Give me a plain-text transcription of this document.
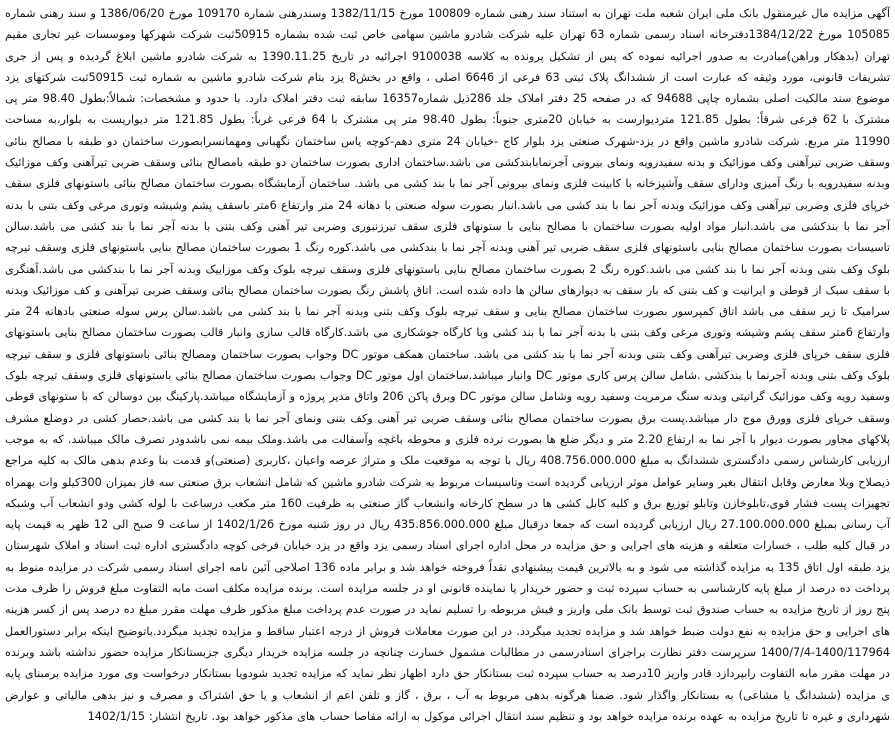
آگهی مزایده مال غیرمنقول بانک ملی ایران شعبه ملت تهران به استناد سند رهنی شماره 100809 مورخ 1382/11/15 وسندرهنی شماره 109170 مورخ 1386/06/20 و سند رهنی شماره 105085 مورخ 1384/12/22دفترخانه اسناد رسمی شماره 63 تهران علیه شرکت شادرو ماشین سهامی خاص ثبت شده بشماره 50915ثبت شرکت شهرکها وموسسات غیر تجاری مقیم تهران (بدهکار وراهن)مبادرت به صدور اجرائیه نموده که پس از تشکیل پرونده به کلاسه 9100038 اجرائیه در تاریخ 1390.11.25 به شرکت شادرو ماشین ابلاغ گردیده و پس از جری تشریفات قانونی، مورد وثیقه که عبارت است از ششدانگ پلاک ثبتی 63 فرعی از 6646 اصلی ، واقع در بخش8 یزد بنام شرکت شادرو ماشین به شماره ثبت 50915ثبت شرکتهای یزد موضوع سند مالکیت اصلی بشماره چاپی 94688 که در صفحه 25 دفتر املاک جلد 286ذیل شماره16357 سابقه ثبت دفتر املاک دارد. با حدود و مشخصات: شمالاً:بطول 98.40 متر پی مشترک با 62 فرعی شرقاً: بطول 121.85 متردیوارست به خیابان 20متری جنوباً: بطول 98.40 متر پی مشترک با 64 فرعی غرباً: بطول 121.85 متر دیواریست به بلوار،به مساحت 11990 متر مربع. شرکت شادرو ماشین واقع در یزد-شهرک صنعتی یزد بلوار کاج -خیابان 24 متری دهم-کوچه یاس ساختمان نگهبانی ومهمانسرابصورت ساختمان دو طبقه با مصالح بنائی وسقف ضربی تیرآهنی وکف موزائیک و بدنه سفیدرویه ونمای بیرونی آجرنمابابندکشی می باشد.ساختمان اداری بصورت ساختمان دو طبقه بامصالح بنائی وسقف ضربی تیرآهنی وکف موزائیک وبدنه سفیدرویه با رنگ آمیزی ودارای سقف وآشپزخانه با کابینت فلزی ونمای بیرونی آجر نما با بند کشی می باشد. ساختمان آزمایشگاه بصورت ساختمان مصالح بنائی باستونهای فلزی سقف خرپای فلزی وضربی تیرآهنی وکف موزائیک وبدنه آجر نما با بند کشی می باشد.انبار بصورت سوله صنعتی با دهانه 24 متر وارتفاع 6متر باسقف پشم وشیشه وتوری مرغی وکف بتنی با بدنه آجر نما با بندکشی می باشد.انبار مواد اولیه بصورت ساختمان با مصالح بنایی با ستونهای فلزی سقف تیرزنبوری وضربی تیر آهنی وکف بتنی با بدنه آجر نما با بند کشی می باشد.سالن تاسیسات بصورت ساختمان مصالح بنایی باستونهای فلزی سقف ضربی تیر آهنی وبدنه آجر نما با بندکشی می باشد.کوره رنگ 1 بصورت ساختمان مصالح بنایی باستونهای فلزی وسقف تیرچه بلوک وکف بتنی وبدنه آجر نما با بند کشی می باشد.کوره رنگ 2 بصورت ساختمان مصالح بنایی باستونهای فلزی وسقف تیرچه بلوک وکف موزاییک وبدنه آجر نما با بندکشی می باشد.آهنگری با سقف سبک از قوطی و ایرانیت و کف بتنی که بار سقف به دیوارهای سالن ها داده شده است. اتاق پاشش رنگ بصورت ساختمان مصالح بنائی وسقف ضربی تیرآهنی و کف موزائیک وبدنه سرامیک تا زیر سقف می باشد اتاق کمپرسور بصورت ساختمان مصالح بنایی و سقف تیرچه بلوک وکف بتنی وبدنه آجر نما با بند کشی می باشد.سالن پرس سوله صنعتی بادهانه 24 متر وارتفاع 6متر سقف پشم وشیشه وتوری مرغی وکف بتنی با بدنه آجر نما با بند کشی وبا کارگاه جوشکاری می باشد.کارگاه قالب سازی وانبار قالب بصورت ساختمان مصالح بنایی باستونهای فلزی سقف خرپای فلزی وضربی تیرآهنی وکف بتنی وبدنه آجر نما با بند کشی می باشد. ساختمان همکف موتور DC وجواب بصورت ساختمان ومصالح بنائی باستونهای فلزی و سقف تیرچه بلوک وکف بتنی وبدنه آجرنما با بندکشی .شامل سالن پرس کاری موتور DC وانبار میباشد.ساختمان اول موتور DC وجواب بصورت ساختمان مصالح بنائی باستونهای فلزی وسقف تیرچه بلوک وسفید رویه وکف موزائیک گرانیتی وبدنه سنگ مرمریت وسفید رویه وشامل سالن موتور DC وبرق پاکن 206 واتاق مدیر پروژه و آزمایشگاه میباشد.پارکینگ بین دوسالن که با ستونهای قوطی وسقف خرپای فلزی وورق موج دار میباشد.پست برق بصورت ساختمان مصالح بنائی وسقف ضربی تیر آهنی وکف بتنی ونمای آجر نما با بند کشی می باشد.حصار کشی در دوضلع مشرف پلاکهای مجاور بصورت دیوار با آجر نما به ارتفاع 2.20 متر و دیگر ضلع ها بصورت نرده فلزی و محوطه باغچه وآسفالت می باشد.وملک بیمه نمی باشدودر تصرف مالک میباشد. که به موجب ارزیابی کارشناس رسمی دادگستری ششدانگ به مبلغ 408.756.000.000 ریال با توجه به موقعیت ملک و متراژ عرصه واعیان ،کاربری (صنعتی)و قدمت بنا وعدم بدهی مالک به کلیه مراجع ذیصلاح وبلا معارض وقابل انتقال بغیر وسایر عوامل موثر ارزیابی گردیده است وتاسیسات مربوط به شرکت شادرو ماشین که شامل انشعاب برق صنعتی سه فاز بمیزان 300کیلو وات بهمراه تجهیزات پست فشار قوی،تابلوخازن وتابلو توزیع برق و کلیه کابل کشی ها در سطح کارخانه وانشعاب گاز صنعتی به ظرفیت 160 متر مکعب درساعت با لوله کشی ودو انشعاب آب وشبکه آب رسانی بمبلغ 27.100.000.000 ریال ارزیابی گردیده است که جمعا درقبال مبلغ 435.856.000.000 ریال در روز شنبه مورخ 1402/1/26 از ساعت 9 صبح الی 12 ظهر به قیمت پایه در قبال کلیه طلب ، خسارات متعلقه و هزینه های اجرایی و حق مزایده در محل اداره اجرای اسناد رسمی یزد واقع در یزد خیابان فرخی کوچه دادگستری اداره ثبت اسناد و املاک شهرستان یزد طبقه اول اتاق 135 به مزایده گذاشته می شود و به بالاترین قیمت پیشنهادی نقداً فروخته خواهد شد و برابر ماده 136 اصلاحی آئین نامه اجرای اسناد رسمی شرکت در مزایده منوط به پرداخت ده درصد از مبلغ پایه کارشناسی به حساب سپرده ثبت و حضور خریدار یا نماینده قانونی او در جلسه مزایده است. برنده مزایده مکلف است مابه التفاوت مبلغ فروش را ظرف مدت پنج روز از تاریخ مزایده به حساب صندوق ثبت توسط بانک ملی واریز و فیش مربوطه را تسلیم نماید در صورت عدم پرداخت مبلغ مذکور ظرف مهلت مقرر مبلغ ده درصد پس از کسر هزینه های اجرایی و حق مزایده به نفع دولت ضبط خواهد شد و مزایده تجدید میگردد. در این صورت معاملات فروش از درجه اعتبار ساقط و مزایده تجدید میگردد.باتوضیح اینکه برابر دستورالعمل 1400/117964-1400/7/4 سرپرست دفتر نظارت براجرای اسنادرسمی در مطالبات مشمول خسارت چنانچه در جلسه مزایده خریدار دیگری جزبستانکار مزایده حضور نداشته باشد وبرنده در مهلت مقرر مابه التفاوت رابپردازد قادر واریز 10درصد به حساب سپرده ثبت بستانکار حق دارد اظهار نظر نماید که مزایده تجدید شودویا بستانکار درخواست وی مورد مزایده برمبنای پایه ی مزایده (ششدانگ یا مشاعی) به بستانکار واگذار شود. ضمنا هرگونه بدهی مربوط به آب ، برق ، گاز و تلفن اعم از انشعاب و یا حق اشتراک و مصرف و نیز بدهی مالیاتی و عوارض شهرداری و غیره تا تاریخ مزایده به عهده برنده مزایده خواهد بود و تنظیم سند انتقال اجرائی موکول به ارائه مفاصا حساب های مذکور خواهد بود. تاریخ انتشار: 1402/1/15
